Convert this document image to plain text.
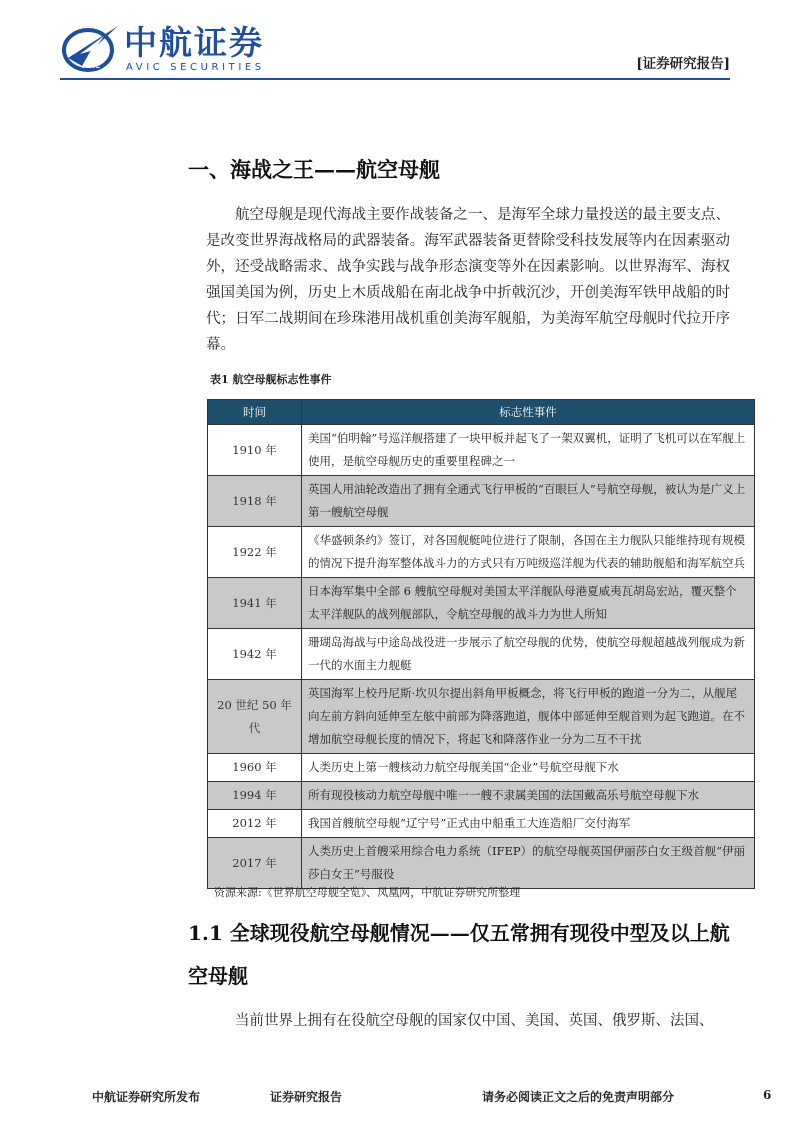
AVIC
中航证券
AVIC SECURITIES	[证券研究报告]
一、海战之王——航空母舰

航空母舰是现代海战主要作战装备之一、是海军全球力量投送的最主要支点、是改变世界海战格局的武器装备。海军武器装备更替除受科技发展等内在因素驱动外，还受战略需求、战争实践与战争形态演变等外在因素影响。以世界海军、海权强国美国为例，历史上木质战船在南北战争中折戟沉沙，开创美海军铁甲战船的时代；日军二战期间在珍珠港用战机重创美海军舰船，为美海军航空母舰时代拉开序幕。

表1 航空母舰标志性事件
时间	标志性事件
1910 年	美国“伯明翰”号巡洋舰搭建了一块甲板并起飞了一架双翼机，证明了飞机可以在军舰上使用，是航空母舰历史的重要里程碑之一
1918 年	英国人用油轮改造出了拥有全通式飞行甲板的“百眼巨人”号航空母舰，被认为是广义上第一艘航空母舰
1922 年	《华盛顿条约》签订，对各国舰艇吨位进行了限制，各国在主力舰队只能维持现有规模的情况下提升海军整体战斗力的方式只有万吨级巡洋舰为代表的辅助舰船和海军航空兵
1941 年	日本海军集中全部 6 艘航空母舰对美国太平洋舰队母港夏威夷瓦胡岛宏站，覆灭整个太平洋舰队的战列舰部队，令航空母舰的战斗力为世人所知
1942 年	珊瑚岛海战与中途岛战役进一步展示了航空母舰的优势，使航空母舰超越战列舰成为新一代的水面主力舰艇
20 世纪 50 年代	英国海军上校丹尼斯·坎贝尔提出斜角甲板概念，将飞行甲板的跑道一分为二，从舰尾向左前方斜向延伸至左舷中前部为降落跑道，舰体中部延伸至舰首则为起飞跑道。在不增加航空母舰长度的情况下，将起飞和降落作业一分为二互不干扰
1960 年	人类历史上第一艘核动力航空母舰美国“企业”号航空母舰下水
1994 年	所有现役核动力航空母舰中唯一一艘不隶属美国的法国戴高乐号航空母舰下水
2012 年	我国首艘航空母舰“辽宁号”正式由中船重工大连造船厂交付海军
2017 年	人类历史上首艘采用综合电力系统（IFEP）的航空母舰英国伊丽莎白女王级首舰“伊丽莎白女王”号服役
资源来源:《世界航空母舰全览》、凤凰网，中航证券研究所整理
1.1 全球现役航空母舰情况——仅五常拥有现役中型及以上航空母舰

当前世界上拥有在役航空母舰的国家仅中国、美国、英国、俄罗斯、法国、

中航证券研究所发布	证券研究报告	请务必阅读正文之后的免责声明部分	6
